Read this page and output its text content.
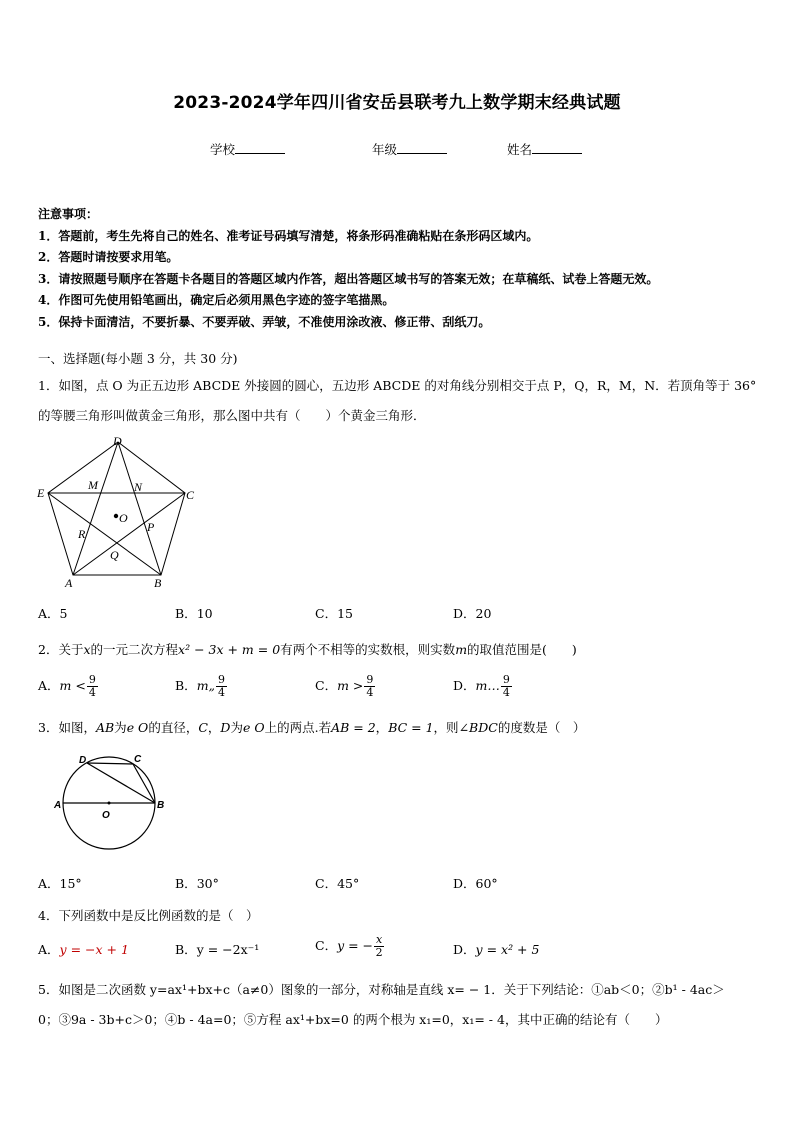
2023-2024学年四川省安岳县联考九上数学期末经典试题
学校	年级	姓名
注意事项：
1．答题前，考生先将自己的姓名、准考证号码填写清楚，将条形码准确粘贴在条形码区域内。
2．答题时请按要求用笔。
3．请按照题号顺序在答题卡各题目的答题区域内作答，超出答题区域书写的答案无效；在草稿纸、试卷上答题无效。
4．作图可先使用铅笔画出，确定后必须用黑色字迹的签字笔描黑。
5．保持卡面清洁，不要折暴、不要弄破、弄皱，不准使用涂改液、修正带、刮纸刀。
一、选择题(每小题 3 分，共 30 分)
1．如图，点 O 为正五边形 ABCDE 外接圆的圆心，五边形 ABCDE 的对角线分别相交于点 P，Q，R，M，N．若顶角等于 36°
的等腰三角形叫做黄金三角形，那么图中共有（　　）个黄金三角形．
D
E	C
M	N
O
R	P
Q
A	B
A．5	B．10	C．15	D．20
2．关于x的一元二次方程x² − 3x + m = 0有两个不相等的实数根，则实数m的取值范围是(　　)
A．$m < \frac{9}{4}$	B．m„ $\frac{9}{4}$	C．$m > \frac{9}{4}$	D．m… $\frac{9}{4}$
3．如图，AB为e O的直径，C，D为e O上的两点.若AB = 2，BC = 1，则∠BDC的度数是（　）
D	C
A	B
O
A．15°	B．30°	C．45°	D．60°
4．下列函数中是反比例函数的是（　）
A．y = −x + 1	B．y = −2x⁻¹	C．y = − $\frac{x}{2}$	D．y = x² + 5
5．如图是二次函数 y=ax¹+bx+c（a≠0）图象的一部分，对称轴是直线 x= − 1．关于下列结论：①ab＜0；②b¹ - 4ac＞
0；③9a - 3b+c＞0；④b - 4a=0；⑤方程 ax¹+bx=0 的两个根为 x₁=0，x₁= - 4，其中正确的结论有（　　）
